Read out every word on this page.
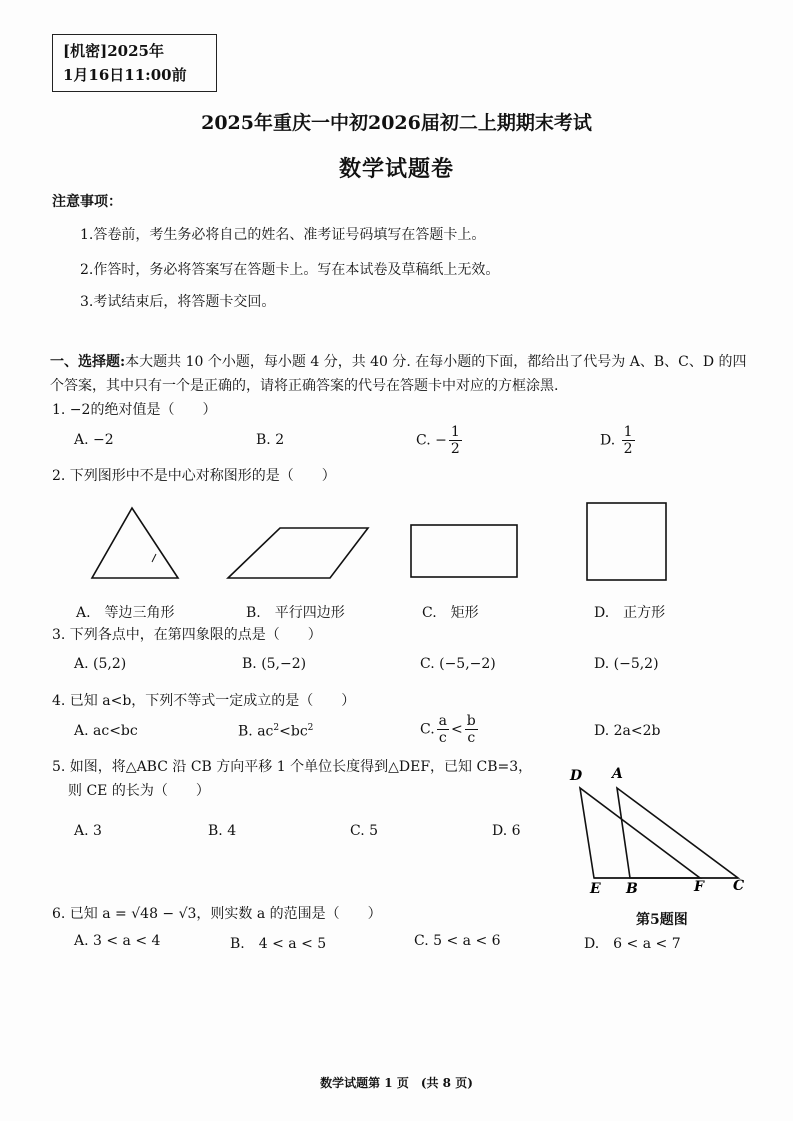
[机密]2025年
1月16日11:00前
2025年重庆一中初2026届初二上期期末考试
数学试题卷
注意事项：
1.答卷前，考生务必将自己的姓名、准考证号码填写在答题卡上。
2.作答时，务必将答案写在答题卡上。写在本试卷及草稿纸上无效。
3.考试结束后，将答题卡交回。
一、选择题:本大题共 10 个小题，每小题 4 分，共 40 分. 在每小题的下面，都给出了代号为 A、B、C、D 的四个答案，其中只有一个是正确的，请将正确答案的代号在答题卡中对应的方框涂黑.
1. −2的绝对值是（　　）
A. −2	B. 2	C. − $\frac{1}{2}$	D. $\frac{1}{2}$
2. 下列图形中不是中心对称图形的是（　　）
A.　等边三角形	B.　平行四边形	C.　矩形	D.　正方形
3. 下列各点中，在第四象限的点是（　　）
A. (5,2)	B. (5,−2)	C. (−5,−2)	D. (−5,2)
4. 已知 a<b，下列不等式一定成立的是（　　）
A. ac<bc	B. $ac^2<bc^2$	C. $\frac{a}{c} < \frac{b}{c}$	D. 2a<2b
5. 如图，将△ABC 沿 CB 方向平移 1 个单位长度得到△DEF，已知 CB=3，
则 CE 的长为（　　）
A. 3	B. 4	C. 5	D. 6
D A
E B	F C
第5题图
6. 已知 a = √48 − √3，则实数 a 的范围是（　　）
A. 3 < a < 4	B.　4 < a < 5	C. 5 < a < 6	D.　6 < a < 7
数学试题第 1 页　(共 8 页)
